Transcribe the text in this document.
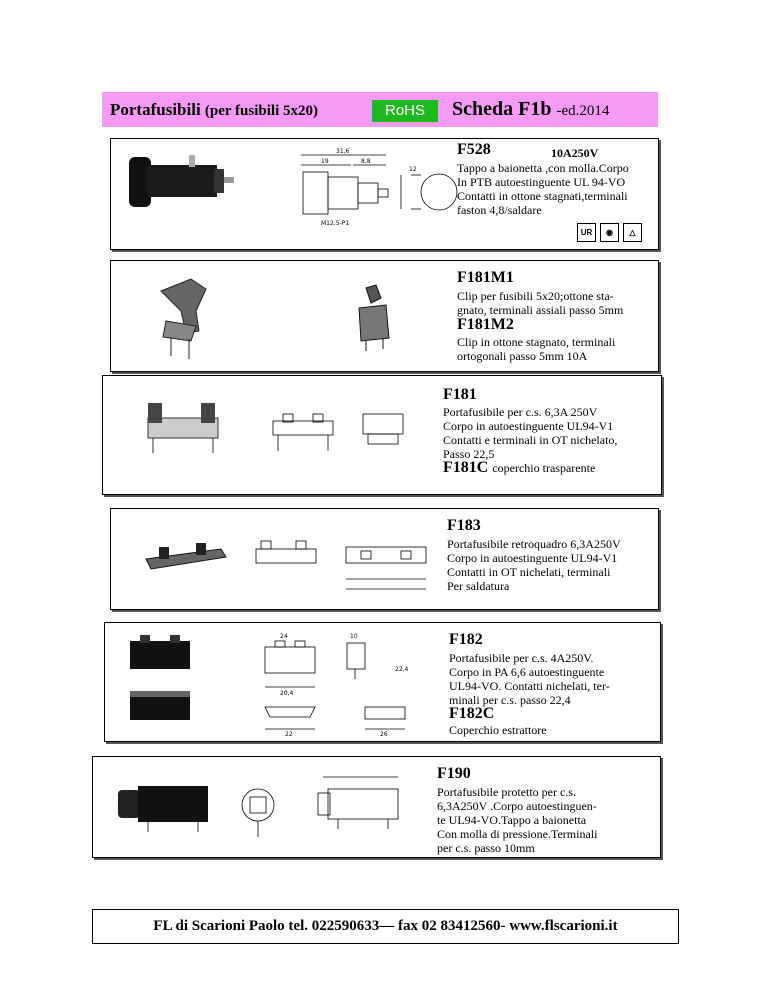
Portafusibili (per fusibili 5x20)	RoHS	Scheda F1b -ed.2014
31,6
19	8,8
12
M12,5-P1
F528	10A250V
Tappo a baionetta ,con molla.Corpo
In PTB autoestinguente UL 94-VO
Contatti in ottone stagnati,terminali
faston 4,8/saldare
UR	◉	△
F181M1
Clip per fusibili 5x20;ottone sta-
gnato, terminali assiali passo 5mm
F181M2
Clip in ottone stagnato, terminali
ortogonali passo 5mm 10A
F181
Portafusibile per c.s. 6,3A 250V
Corpo in autoestinguente UL94-V1
Contatti e terminali in OT nichelato,
Passo 22,5
F181C coperchio trasparente
F183
Portafusibile retroquadro 6,3A250V
Corpo in autoestinguente UL94-V1
Contatti in OT nichelati, terminali
Per saldatura
24	10
22,4
20,4
22	26
F182
Portafusibile per c.s. 4A250V.
Corpo in PA 6,6 autoestinguente
UL94-VO. Contatti nichelati, ter-
minali per c.s. passo 22,4
F182C
Coperchio estrattore
F190
Portafusibile protetto per c.s.
6,3A250V .Corpo autoestinguen-
te UL94-VO.Tappo a baionetta
Con molla di pressione.Terminali
per c.s. passo 10mm
FL di Scarioni Paolo tel. 022590633— fax 02 83412560- www.flscarioni.it
